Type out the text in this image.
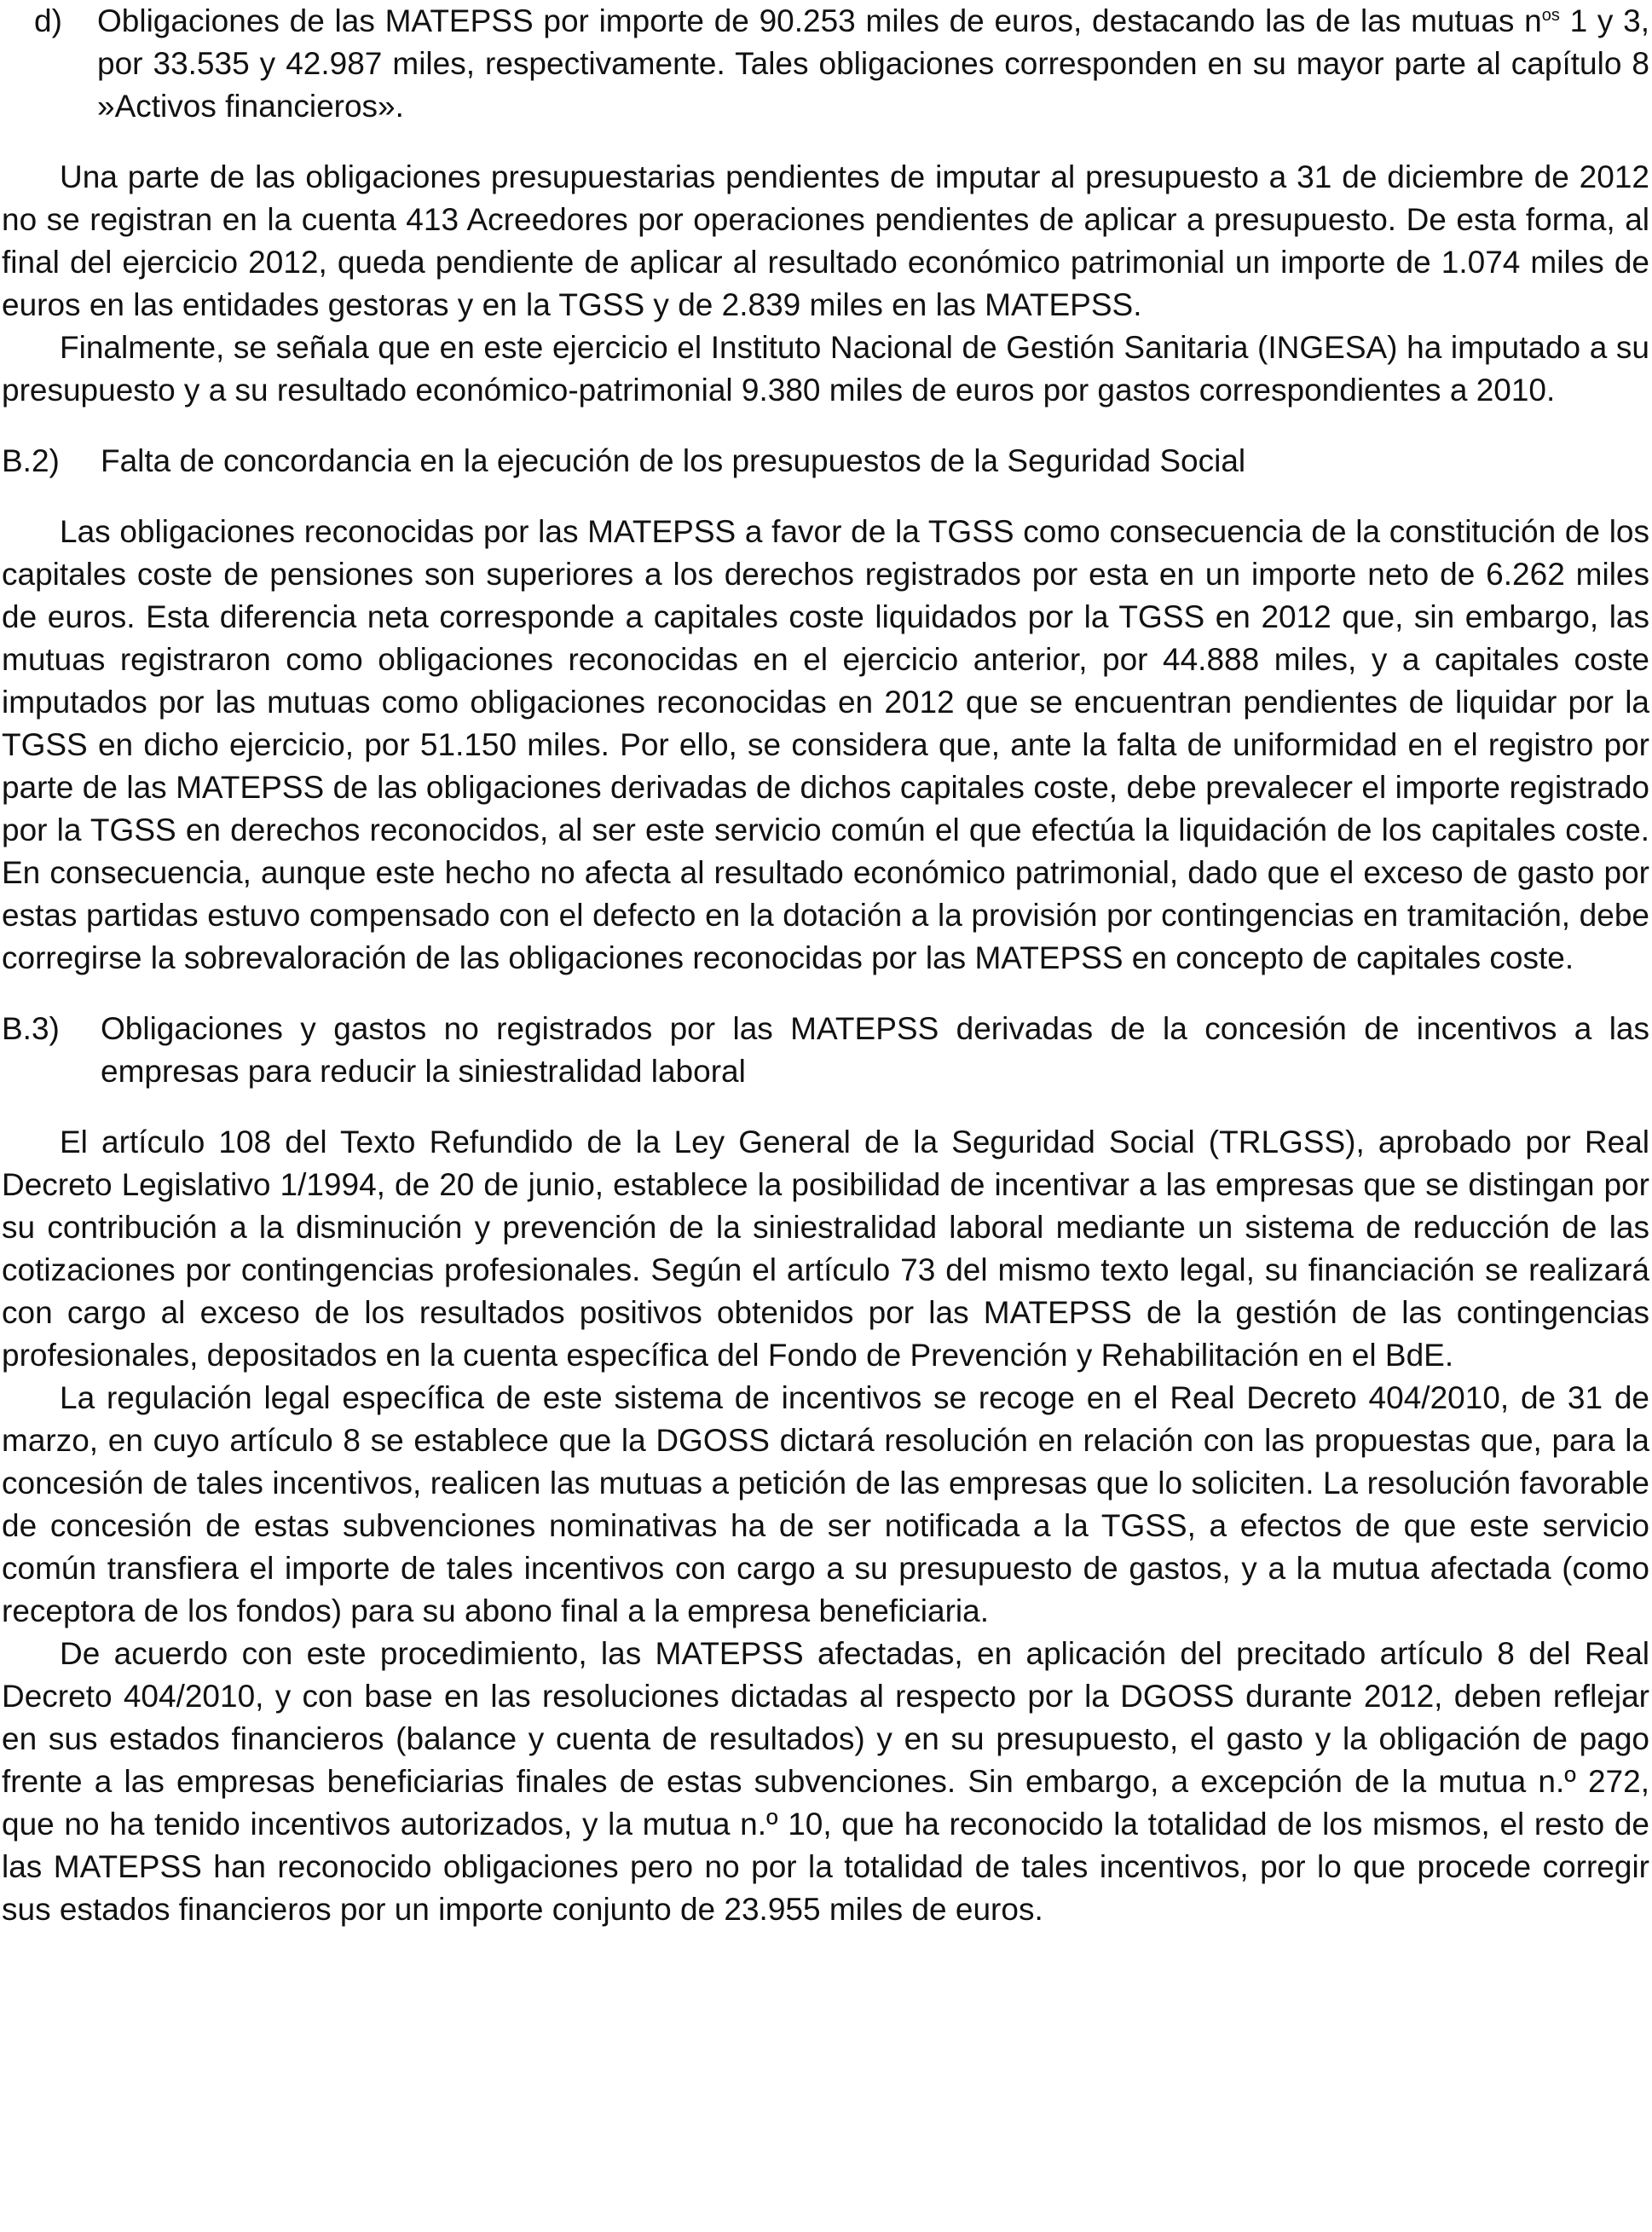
d)	Obligaciones de las MATEPSS por importe de 90.253 miles de euros, destacando las de las mutuas $n^{os}$ 1 y 3, por 33.535 y 42.987 miles, respectivamente. Tales obligaciones corresponden en su mayor parte al capítulo 8 »Activos financieros».

Una parte de las obligaciones presupuestarias pendientes de imputar al presupuesto a 31 de diciembre de 2012 no se registran en la cuenta 413 Acreedores por operaciones pendientes de aplicar a presupuesto. De esta forma, al final del ejercicio 2012, queda pendiente de aplicar al resultado económico patrimonial un importe de 1.074 miles de euros en las entidades gestoras y en la TGSS y de 2.839 miles en las MATEPSS.

Finalmente, se señala que en este ejercicio el Instituto Nacional de Gestión Sanitaria (INGESA) ha imputado a su presupuesto y a su resultado económico-patrimonial 9.380 miles de euros por gastos correspondientes a 2010.

B.2)	Falta de concordancia en la ejecución de los presupuestos de la Seguridad Social

Las obligaciones reconocidas por las MATEPSS a favor de la TGSS como consecuencia de la constitución de los capitales coste de pensiones son superiores a los derechos registrados por esta en un importe neto de 6.262 miles de euros. Esta diferencia neta corresponde a capitales coste liquidados por la TGSS en 2012 que, sin embargo, las mutuas registraron como obligaciones reconocidas en el ejercicio anterior, por 44.888 miles, y a capitales coste imputados por las mutuas como obligaciones reconocidas en 2012 que se encuentran pendientes de liquidar por la TGSS en dicho ejercicio, por 51.150 miles. Por ello, se considera que, ante la falta de uniformidad en el registro por parte de las MATEPSS de las obligaciones derivadas de dichos capitales coste, debe prevalecer el importe registrado por la TGSS en derechos reconocidos, al ser este servicio común el que efectúa la liquidación de los capitales coste. En consecuencia, aunque este hecho no afecta al resultado económico patrimonial, dado que el exceso de gasto por estas partidas estuvo compensado con el defecto en la dotación a la provisión por contingencias en tramitación, debe corregirse la sobrevaloración de las obligaciones reconocidas por las MATEPSS en concepto de capitales coste.

B.3)	Obligaciones y gastos no registrados por las MATEPSS derivadas de la concesión de incentivos a las empresas para reducir la siniestralidad laboral

El artículo 108 del Texto Refundido de la Ley General de la Seguridad Social (TRLGSS), aprobado por Real Decreto Legislativo 1/1994, de 20 de junio, establece la posibilidad de incentivar a las empresas que se distingan por su contribución a la disminución y prevención de la siniestralidad laboral mediante un sistema de reducción de las cotizaciones por contingencias profesionales. Según el artículo 73 del mismo texto legal, su financiación se realizará con cargo al exceso de los resultados positivos obtenidos por las MATEPSS de la gestión de las contingencias profesionales, depositados en la cuenta específica del Fondo de Prevención y Rehabilitación en el BdE.

La regulación legal específica de este sistema de incentivos se recoge en el Real Decreto 404/2010, de 31 de marzo, en cuyo artículo 8 se establece que la DGOSS dictará resolución en relación con las propuestas que, para la concesión de tales incentivos, realicen las mutuas a petición de las empresas que lo soliciten. La resolución favorable de concesión de estas subvenciones nominativas ha de ser notificada a la TGSS, a efectos de que este servicio común transfiera el importe de tales incentivos con cargo a su presupuesto de gastos, y a la mutua afectada (como receptora de los fondos) para su abono final a la empresa beneficiaria.

De acuerdo con este procedimiento, las MATEPSS afectadas, en aplicación del precitado artículo 8 del Real Decreto 404/2010, y con base en las resoluciones dictadas al respecto por la DGOSS durante 2012, deben reflejar en sus estados financieros (balance y cuenta de resultados) y en su presupuesto, el gasto y la obligación de pago frente a las empresas beneficiarias finales de estas subvenciones. Sin embargo, a excepción de la mutua n.º 272, que no ha tenido incentivos autorizados, y la mutua n.º 10, que ha reconocido la totalidad de los mismos, el resto de las MATEPSS han reconocido obligaciones pero no por la totalidad de tales incentivos, por lo que procede corregir sus estados financieros por un importe conjunto de 23.955 miles de euros.
